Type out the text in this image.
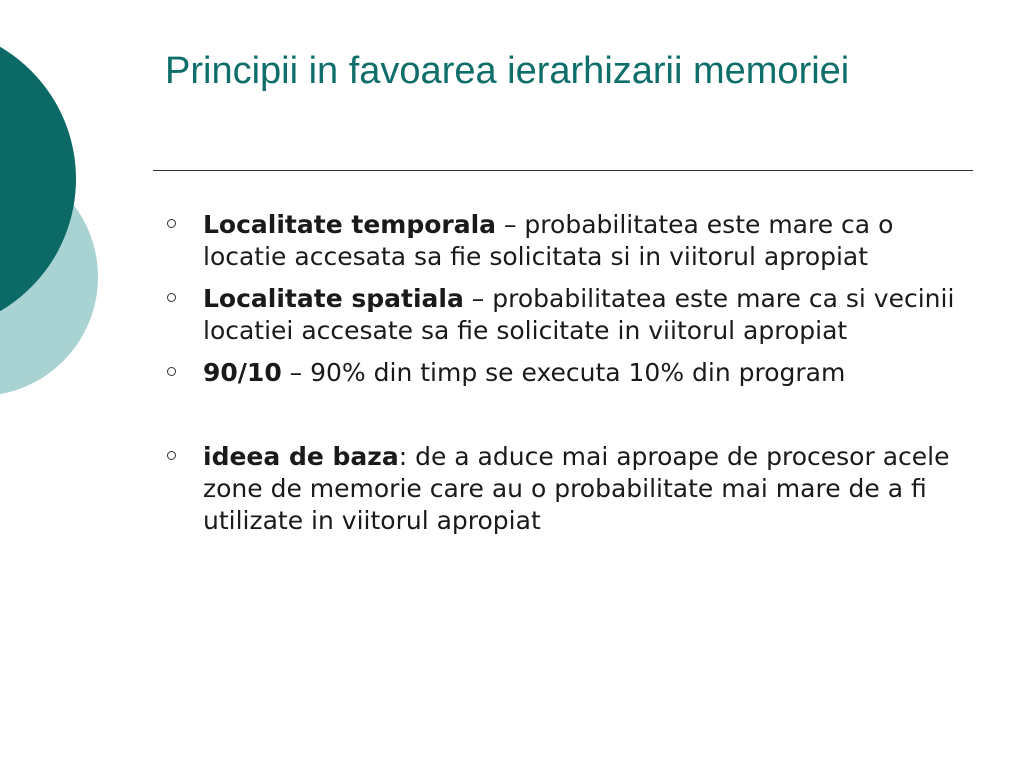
Principii in favoarea ierarhizarii memoriei
Localitate temporala – probabilitatea este mare ca o locatie accesata sa fie solicitata si in viitorul apropiat
Localitate spatiala – probabilitatea este mare ca si vecinii locatiei accesate sa fie solicitate in viitorul apropiat
90/10 – 90% din timp se executa 10% din program
ideea de baza: de a aduce mai aproape de procesor acele zone de memorie care au o probabilitate mai mare de a fi utilizate in viitorul apropiat
